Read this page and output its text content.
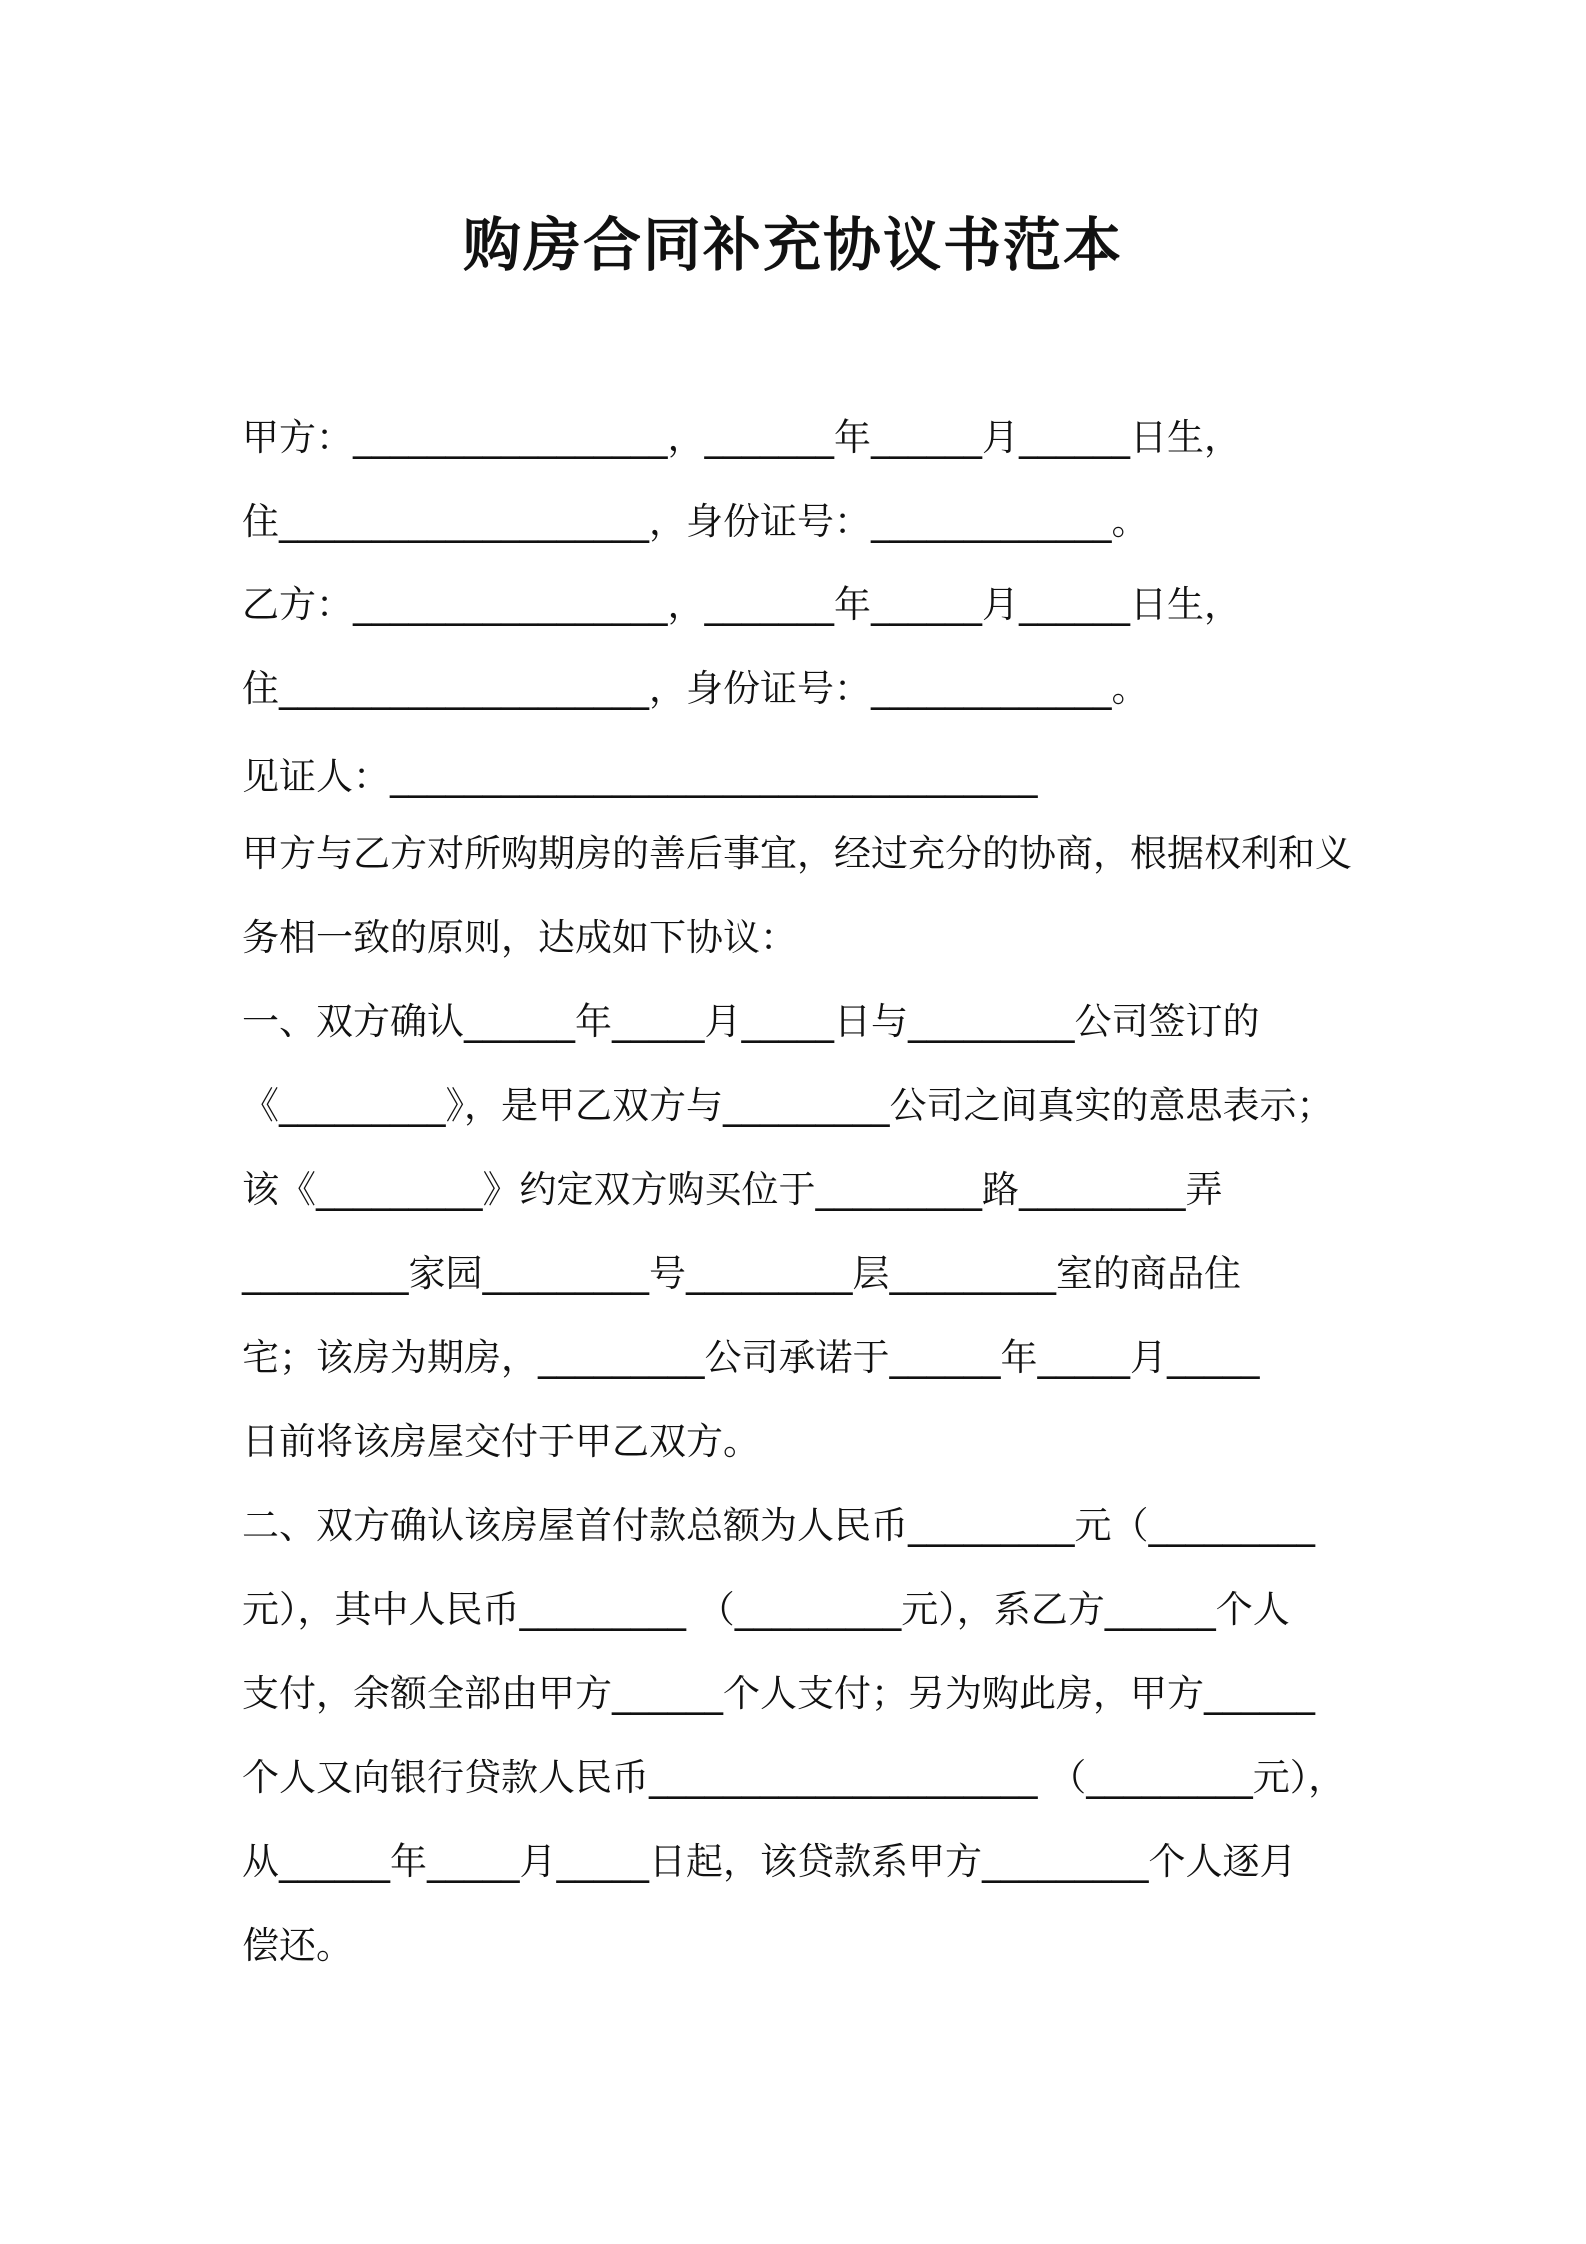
购房合同补充协议书范本

甲方：_________________，_______年______月______日生，

住____________________，身份证号：_____________。

乙方：_________________，_______年______月______日生，

住____________________，身份证号：_____________。

见证人：___________________________________

甲方与乙方对所购期房的善后事宜，经过充分的协商，根据权利和义

务相一致的原则，达成如下协议：

一、双方确认______年_____月_____日与_________公司签订的

《_________》，是甲乙双方与_________公司之间真实的意思表示；

该《_________》约定双方购买位于_________路_________弄

_________家园_________号_________层_________室的商品住

宅；该房为期房，_________公司承诺于______年_____月_____

日前将该房屋交付于甲乙双方。

二、双方确认该房屋首付款总额为人民币_________元（_________

元），其中人民币_________ （_________元），系乙方______个人

支付，余额全部由甲方______个人支付；另为购此房，甲方______

个人又向银行贷款人民币_____________________ （_________元），

从______年_____月_____日起，该贷款系甲方_________个人逐月

偿还。
